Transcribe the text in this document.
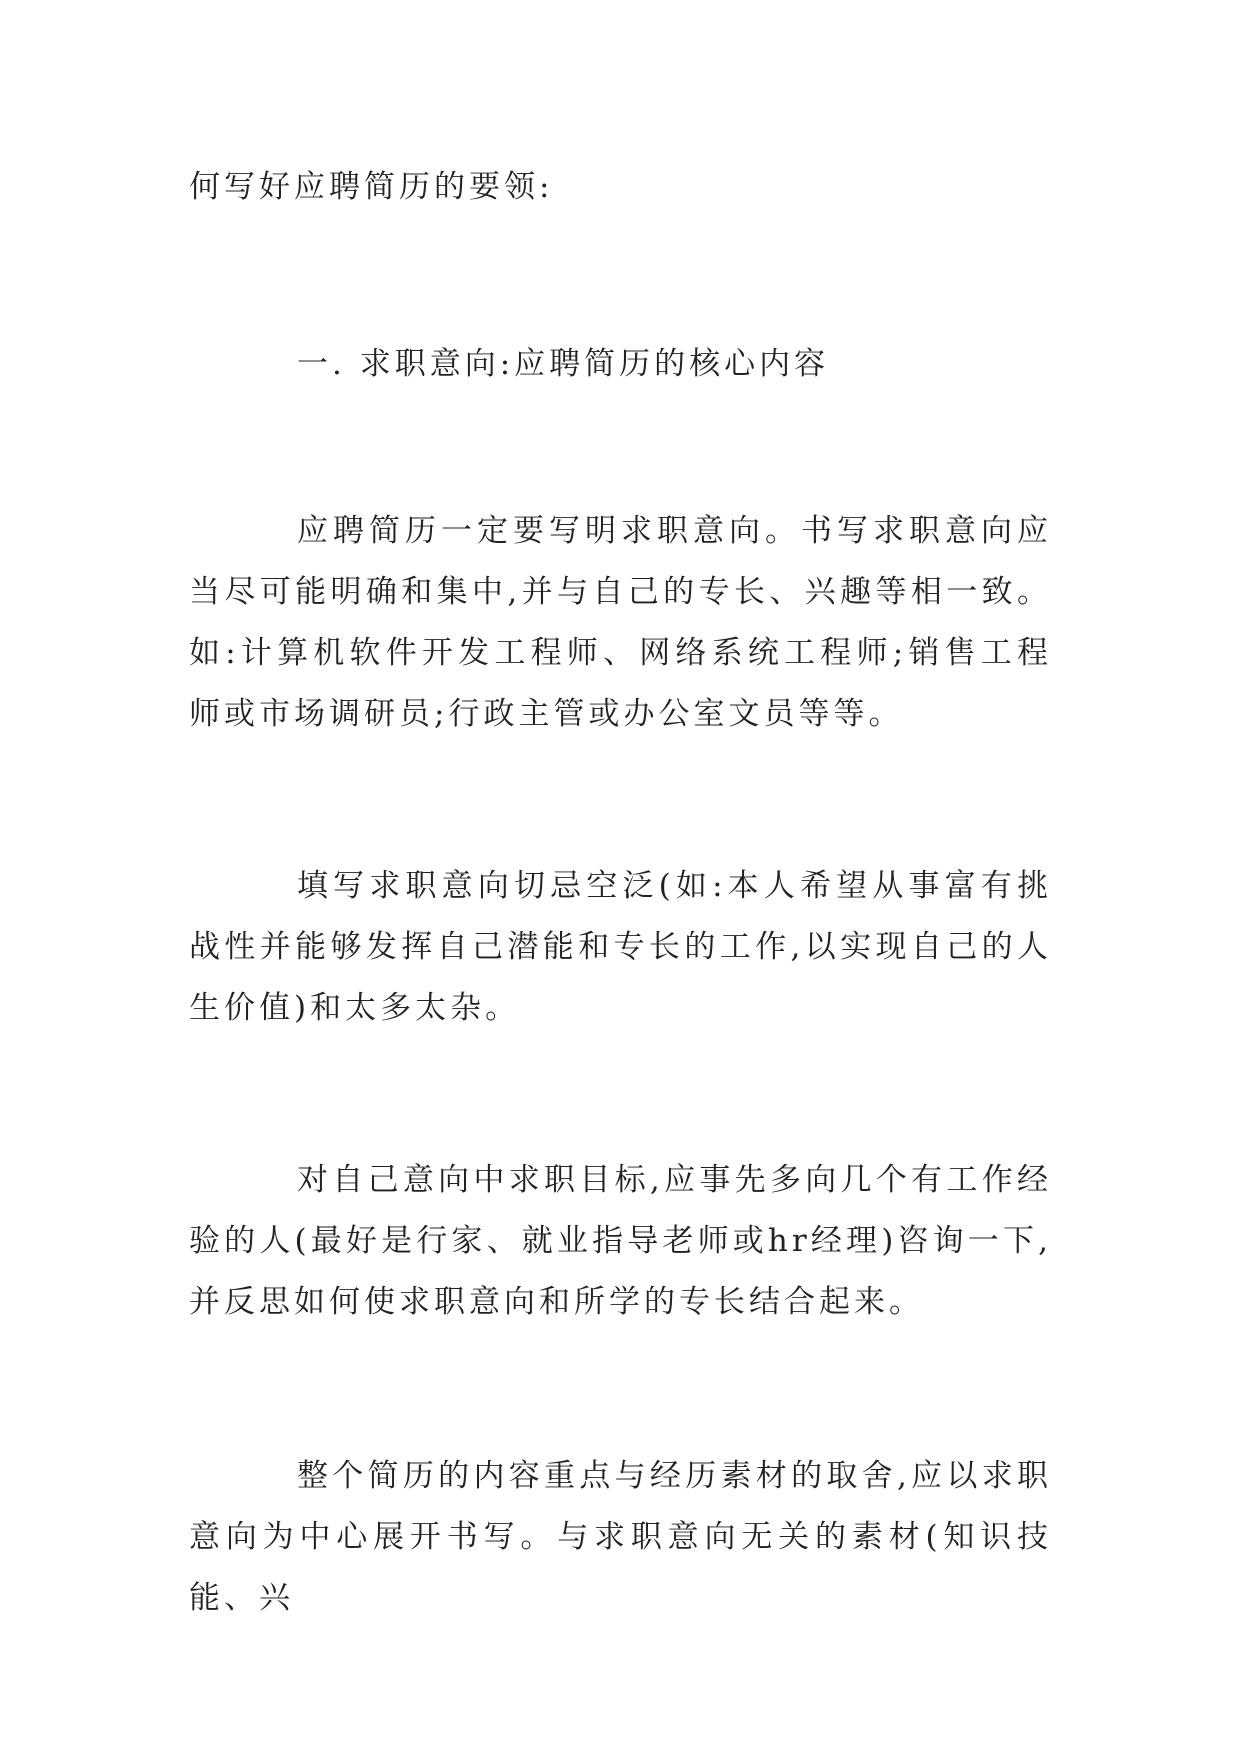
何写好应聘简历的要领:

一. 求职意向:应聘简历的核心内容

应聘简历一定要写明求职意向。书写求职意向应当尽可能明确和集中,并与自己的专长、兴趣等相一致。如:计算机软件开发工程师、网络系统工程师;销售工程师或市场调研员;行政主管或办公室文员等等。

填写求职意向切忌空泛(如:本人希望从事富有挑战性并能够发挥自己潜能和专长的工作,以实现自己的人生价值)和太多太杂。

对自己意向中求职目标,应事先多向几个有工作经验的人(最好是行家、就业指导老师或hr经理)咨询一下,并反思如何使求职意向和所学的专长结合起来。

整个简历的内容重点与经历素材的取舍,应以求职意向为中心展开书写。与求职意向无关的素材(知识技能、兴
